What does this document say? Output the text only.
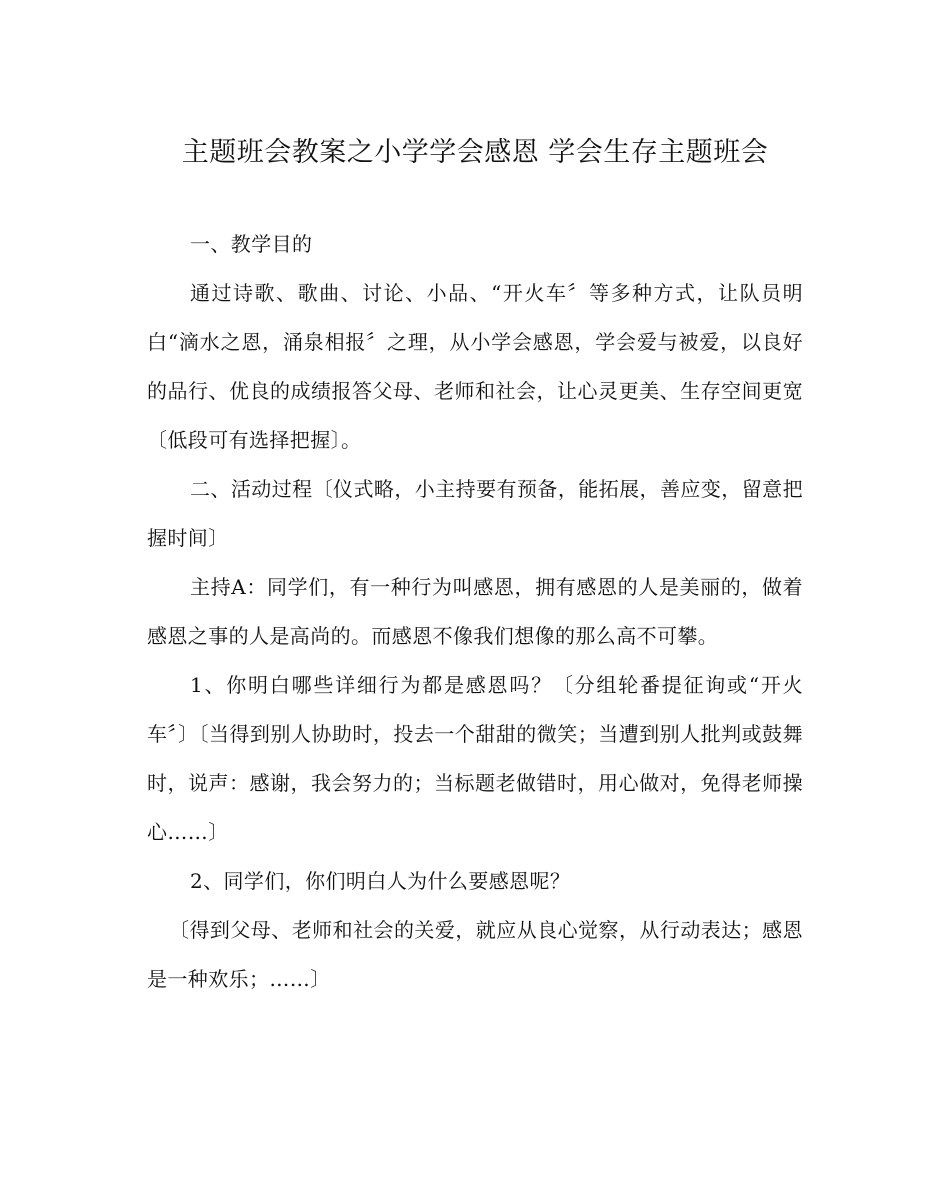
主题班会教案之小学学会感恩 学会生存主题班会

一、教学目的

通过诗歌、歌曲、讨论、小品、“开火车〞等多种方式，让队员明白“滴水之恩，涌泉相报〞之理，从小学会感恩，学会爱与被爱，以良好的品行、优良的成绩报答父母、老师和社会，让心灵更美、生存空间更宽〔低段可有选择把握〕。

二、活动过程〔仪式略，小主持要有预备，能拓展，善应变，留意把握时间〕

主持A：同学们，有一种行为叫感恩，拥有感恩的人是美丽的，做着感恩之事的人是高尚的。而感恩不像我们想像的那么高不可攀。

1、你明白哪些详细行为都是感恩吗？〔分组轮番提征询或“开火车〞〕〔当得到别人协助时，投去一个甜甜的微笑；当遭到别人批判或鼓舞时，说声：感谢，我会努力的；当标题老做错时，用心做对，免得老师操心……〕

2、同学们，你们明白人为什么要感恩呢？

〔得到父母、老师和社会的关爱，就应从良心觉察，从行动表达；感恩是一种欢乐；……〕
